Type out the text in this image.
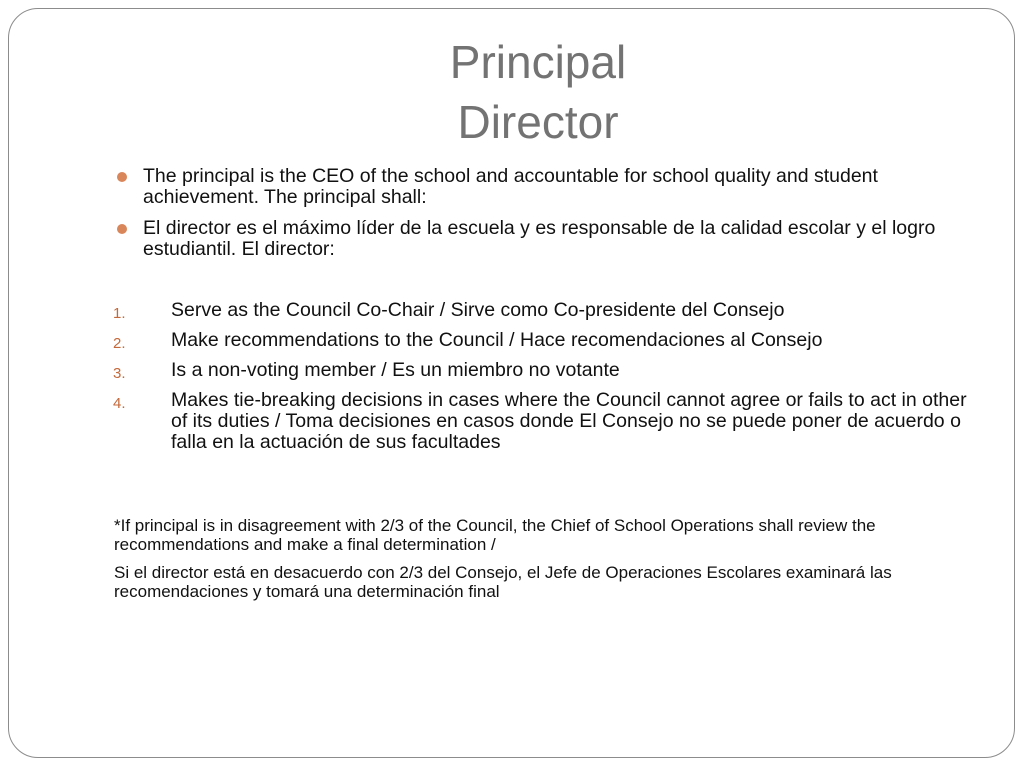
Principal
Director
The principal is the CEO of the school and accountable for school quality and student achievement. The principal shall:
El director es el máximo líder de la escuela y es responsable de la calidad escolar y el logro estudiantil. El director:
1. Serve as the Council Co-Chair / Sirve como Co-presidente del Consejo
2. Make recommendations to the Council / Hace recomendaciones al Consejo
3. Is a non-voting member / Es un miembro no votante
4. Makes tie-breaking decisions in cases where the Council cannot agree or fails to act in other of its duties / Toma decisiones en casos donde El Consejo no se puede poner de acuerdo o falla en la actuación de sus facultades

*If principal is in disagreement with 2/3 of the Council, the Chief of School Operations shall review the recommendations and make a final determination /

Si el director está en desacuerdo con 2/3 del Consejo, el Jefe de Operaciones Escolares examinará las recomendaciones y tomará una determinación final
